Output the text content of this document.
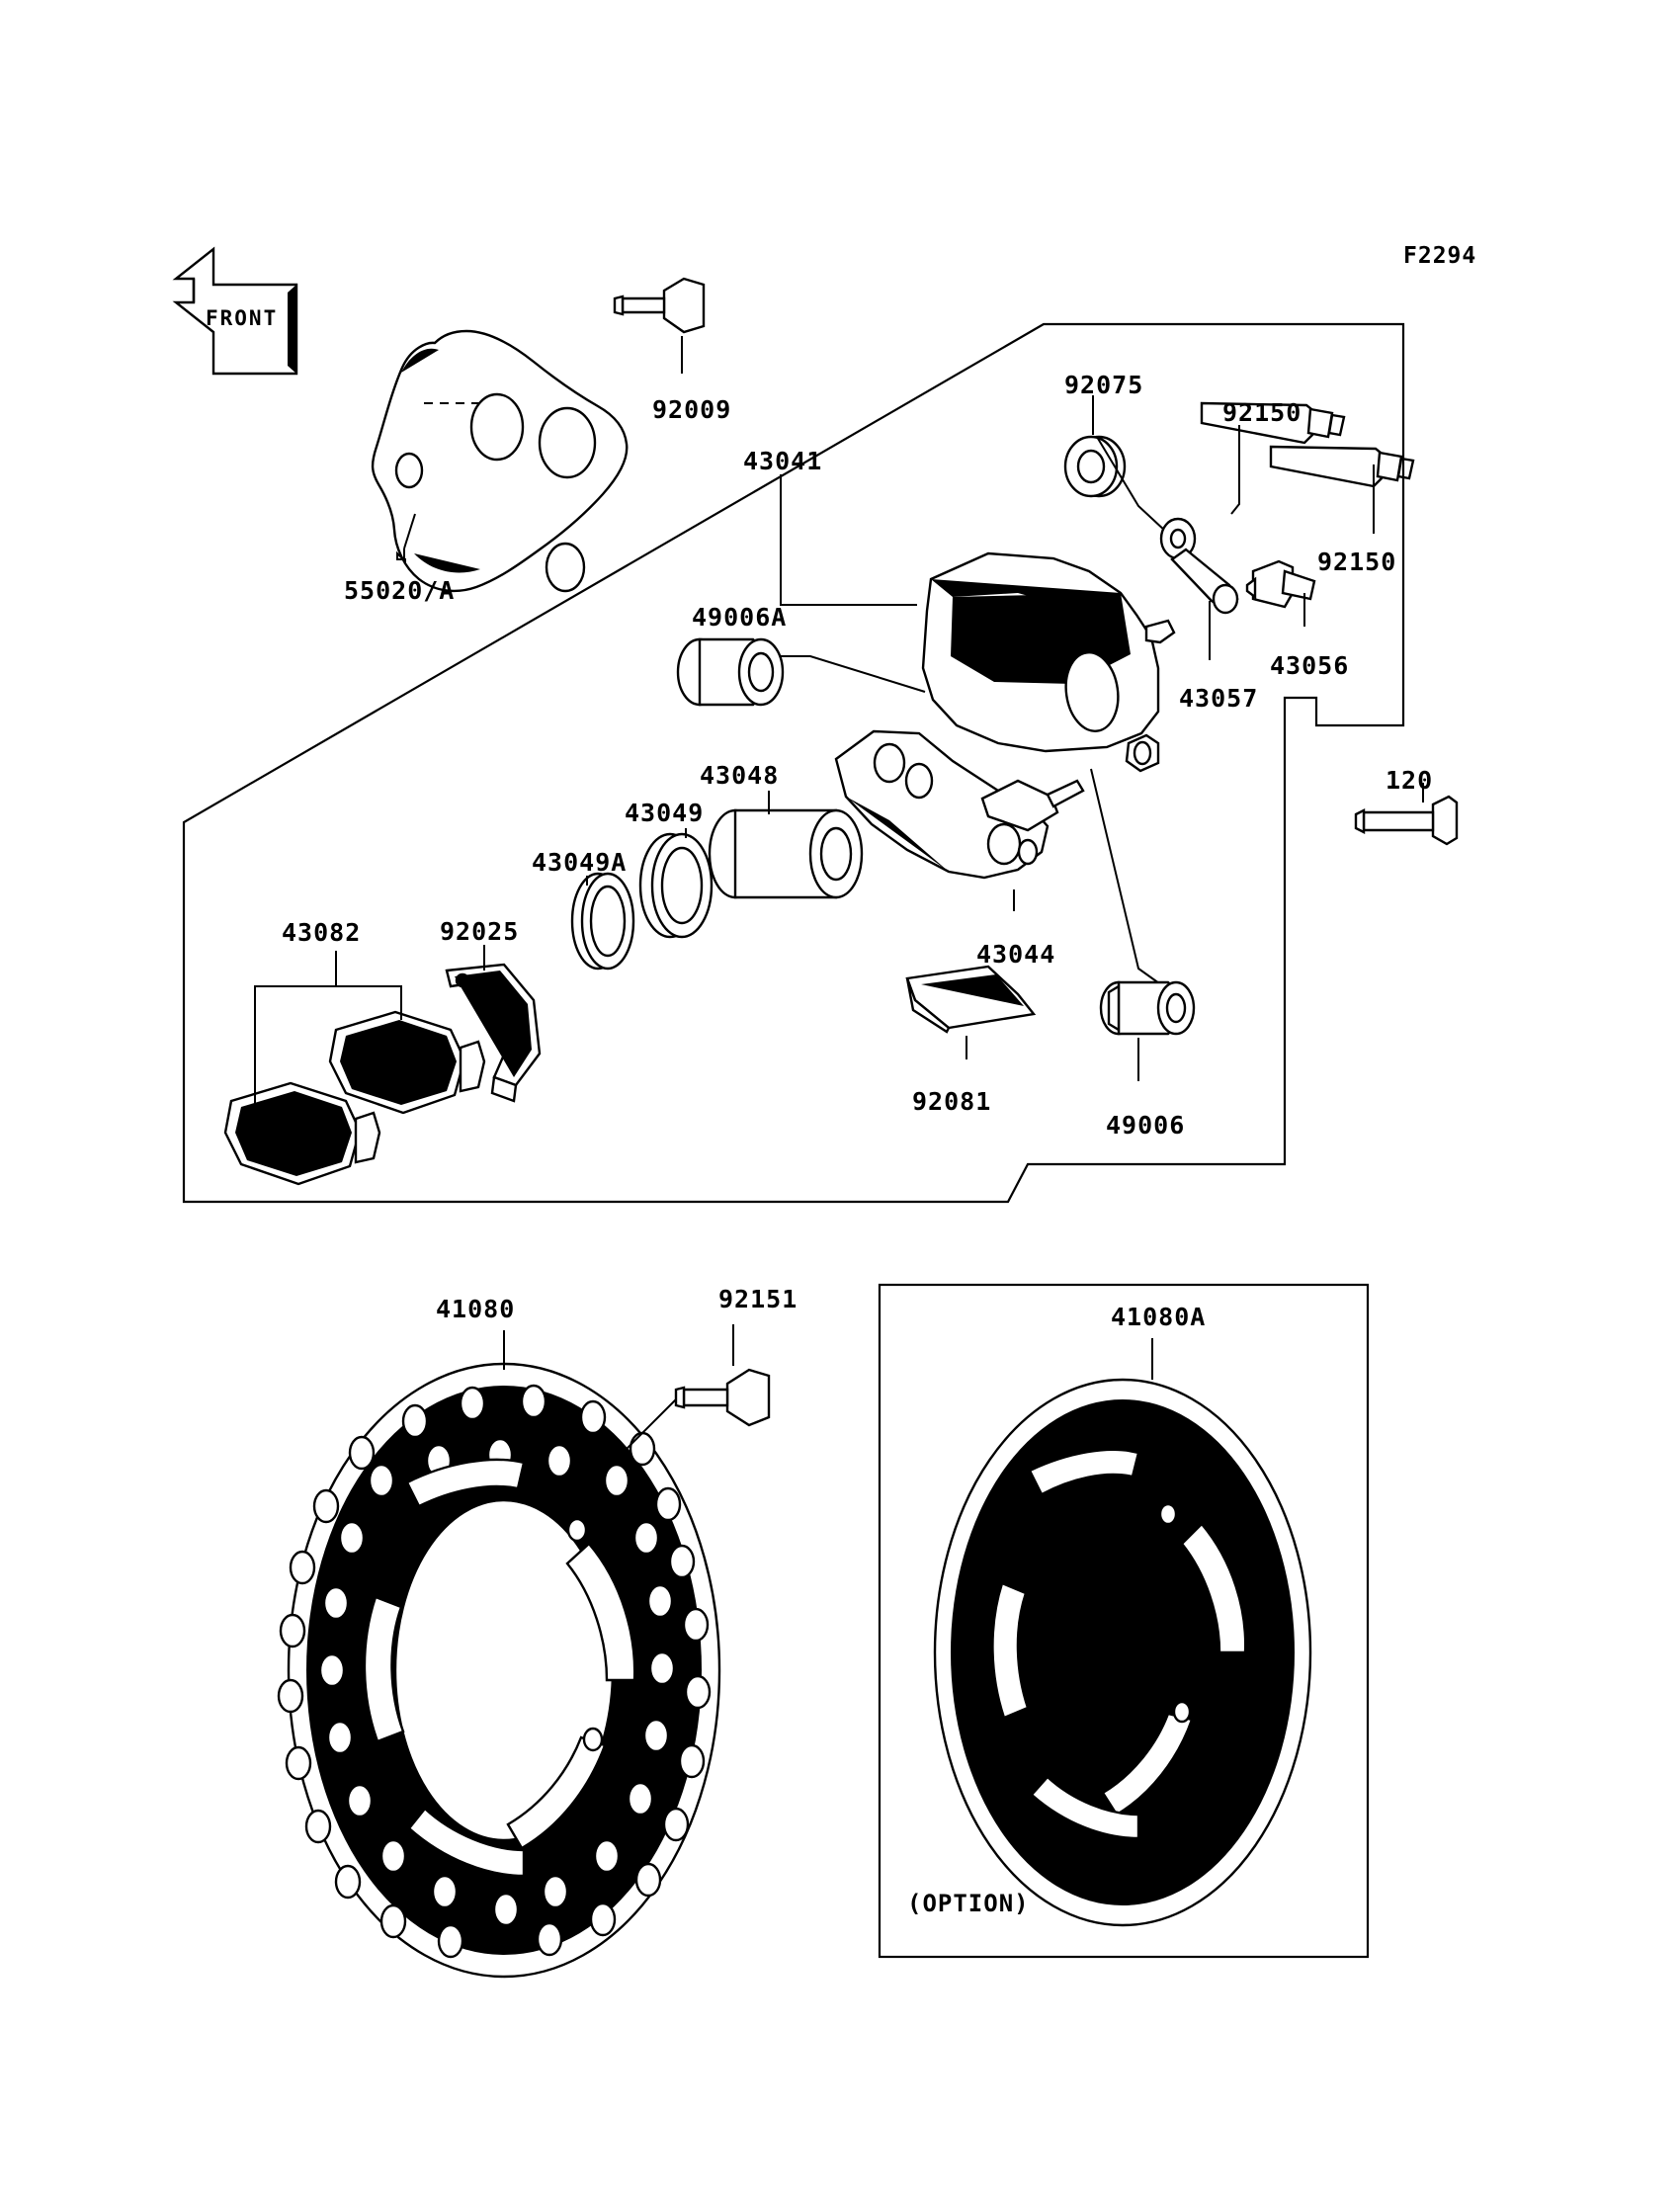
F2294
FRONT
(OPTION)
92009
55020/A
43041
92075
92150
92150
43056
43057
49006A
43048
43049
43049A
43082	92025
43044
120
92081
49006
41080	92151
41080A
